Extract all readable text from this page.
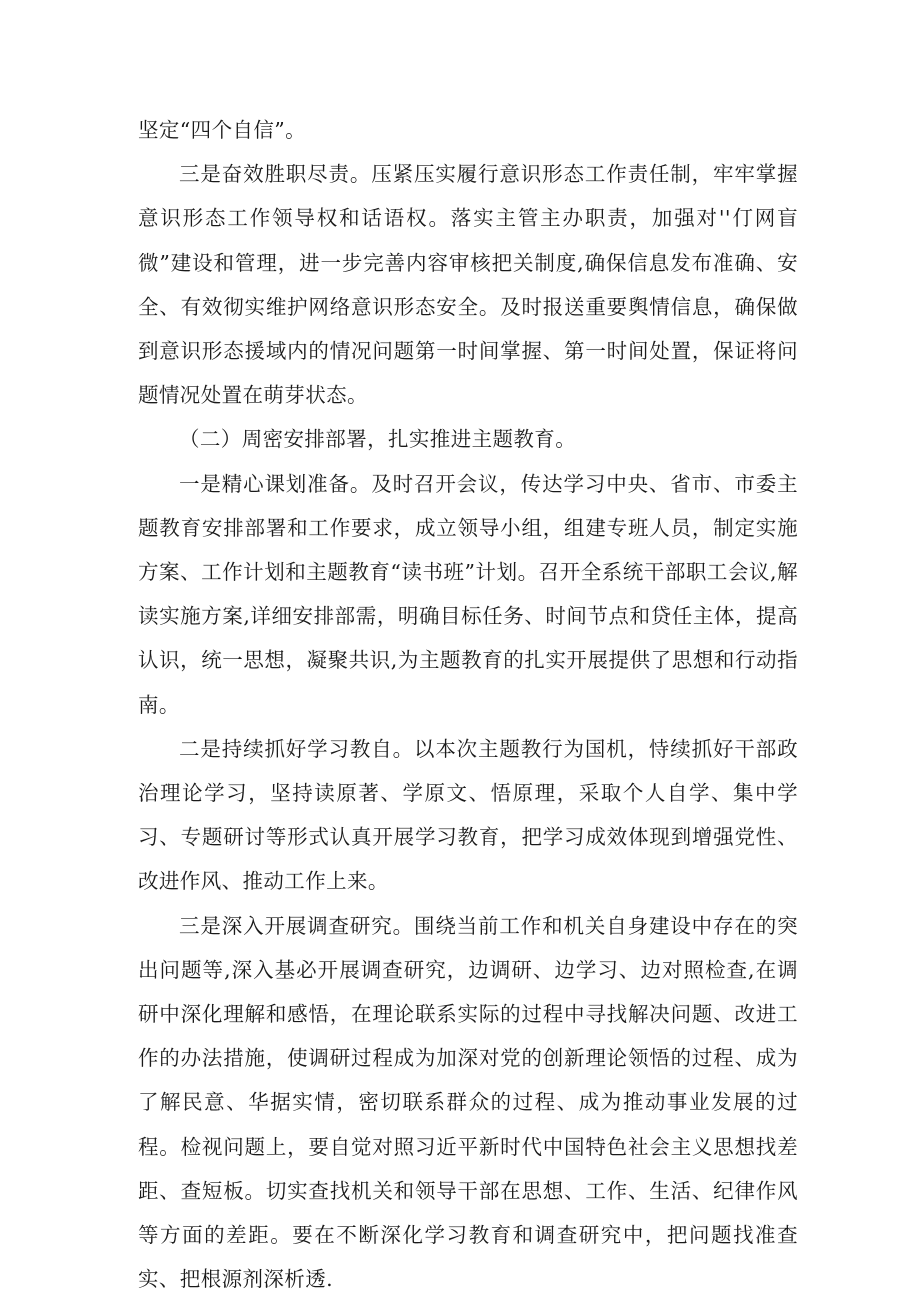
坚定“四个自信”。

三是奋效胜职尽责。压紧压实履行意识形态工作责任制，牢牢掌握意识形态工作领导权和话语权。落实主管主办职责，加强对''仃网盲微”建设和管理，进一步完善内容审核把关制度,确保信息发布准确、安全、有效彻实维护网络意识形态安全。及时报送重要舆情信息，确保做到意识形态援域内的情况问题第一时间掌握、第一时间处置，保证将问题情况处置在萌芽状态。

（二）周密安排部署，扎实推进主题教育。

一是精心课划准备。及时召开会议，传达学习中央、省市、市委主题教育安排部署和工作要求，成立领导小组，组建专班人员，制定实施方案、工作计划和主题教育“读书班”计划。召开全系统干部职工会议,解读实施方案,详细安排部需，明确目标任务、时间节点和贷任主体，提高认识，统一思想，凝聚共识,为主题教育的扎实开展提供了思想和行动指南。

二是持续抓好学习教自。以本次主题教行为国机，恃续抓好干部政治理论学习，坚持读原著、学原文、悟原理，采取个人自学、集中学习、专题研讨等形式认真开展学习教育，把学习成效体现到增强党性、改进作风、推动工作上来。

三是深入开展调查研究。围绕当前工作和机关自身建设中存在的突出问题等,深入基必开展调查研究，边调研、边学习、边对照检查,在调研中深化理解和感悟，在理论联系实际的过程中寻找解决问题、改进工作的办法措施，使调研过程成为加深对党的创新理论领悟的过程、成为了解民意、华据实情，密切联系群众的过程、成为推动事业发展的过程。检视问题上，要自觉对照习近平新时代中国特色社会主义思想找差距、查短板。切实查找机关和领导干部在思想、工作、生活、纪律作风等方面的差距。要在不断深化学习教育和调查研究中，把问题找准查实、把根源剂深析透.
